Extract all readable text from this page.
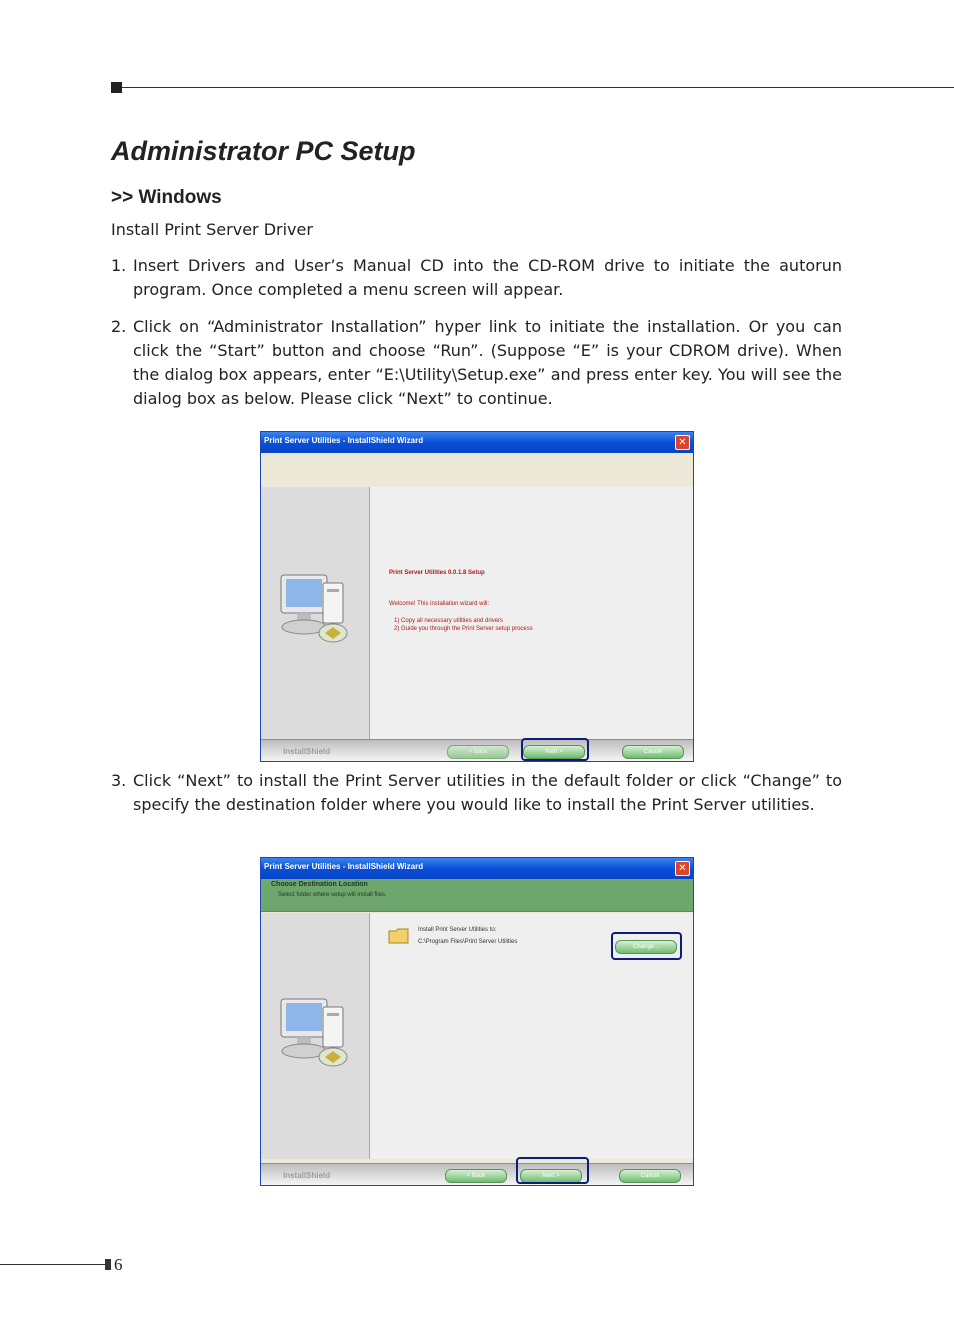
Administrator PC Setup
>> Windows
Install Print Server Driver
1. Insert Drivers and User’s Manual CD into the CD-ROM drive to initiate the autorun program. Once completed a menu screen will appear.
2. Click on “Administrator Installation” hyper link to initiate the installation. Or you can click the “Start” button and choose “Run”. (Suppose “E” is your CDROM drive). When the dialog box appears, enter “E:\Utility\Setup.exe” and press enter key. You will see the dialog box as below. Please click “Next” to continue.
Print Server Utilities - InstallShield Wizard	✕
Print Server Utilities 0.0.1.8 Setup
Welcome! This installation wizard will:
1) Copy all necessary utilities and drivers
2) Guide you through the Print Server setup process
InstallShield	< Back	Next >	Cancel
3. Click “Next” to install the Print Server utilities in the default folder or click “Change” to specify the destination folder where you would like to install the Print Server utilities.
Print Server Utilities - InstallShield Wizard	✕
Choose Destination Location
Select folder where setup will install files.
Install Print Server Utilities to:
C:\Program Files\Print Server Utilities
Change...
InstallShield	< Back	Next >	Cancel
6
